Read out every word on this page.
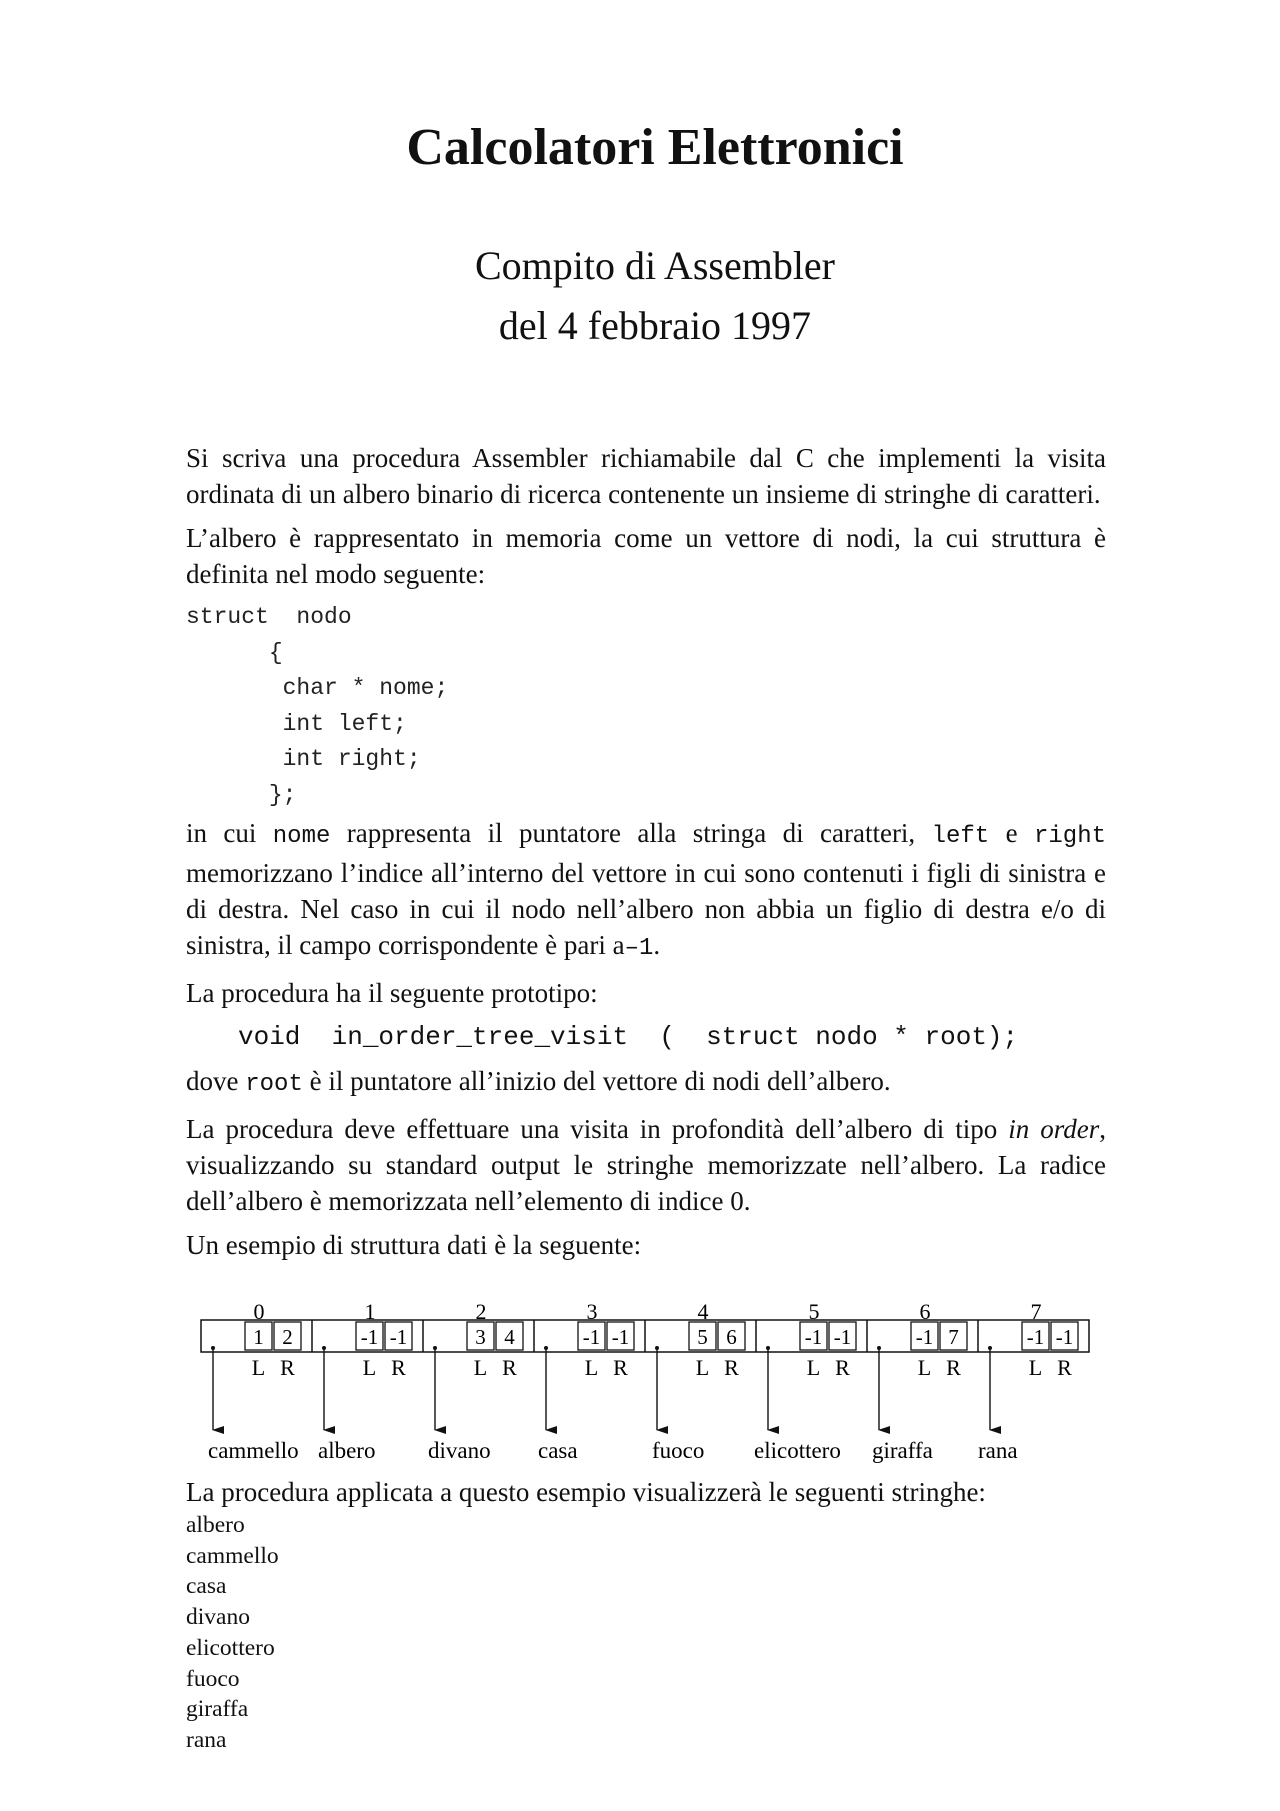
Calcolatori Elettronici
Compito di Assembler
del 4 febbraio 1997

Si scriva una procedura Assembler richiamabile dal C che implementi la visita ordinata di un albero binario di ricerca contenente un insieme di stringhe di caratteri.

L’albero è rappresentato in memoria come un vettore di nodi, la cui struttura è definita nel modo seguente:

struct  nodo
{
char * nome;
int left;
int right;
};

in cui nome rappresenta il puntatore alla stringa di caratteri, left e right memorizzano l’indice all’interno del vettore in cui sono contenuti i figli di sinistra e di destra. Nel caso in cui il nodo nell’albero non abbia un figlio di destra e/o di sinistra, il campo corrispondente è pari a–1.

La procedura ha il seguente prototipo:

void  in_order_tree_visit  (  struct nodo * root);

dove root è il puntatore all’inizio del vettore di nodi dell’albero.

La procedura deve effettuare una visita in profondità dell’albero di tipo in order, visualizzando su standard output le stringhe memorizzate nell’albero. La radice dell’albero è memorizzata nell’elemento di indice 0.

Un esempio di struttura dati è la seguente:

0
1 2
L R
cammello
1
-1 -1
L R
albero
2
3 4
L R
divano
3
-1 -1
L R
casa
4
5 6
L R
fuoco
5
-1 -1
L R
elicottero
6
-1 7
L R
giraffa
7
-1 -1
L R
rana

La procedura applicata a questo esempio visualizzerà le seguenti stringhe:

albero
cammello
casa
divano
elicottero
fuoco
giraffa
rana
